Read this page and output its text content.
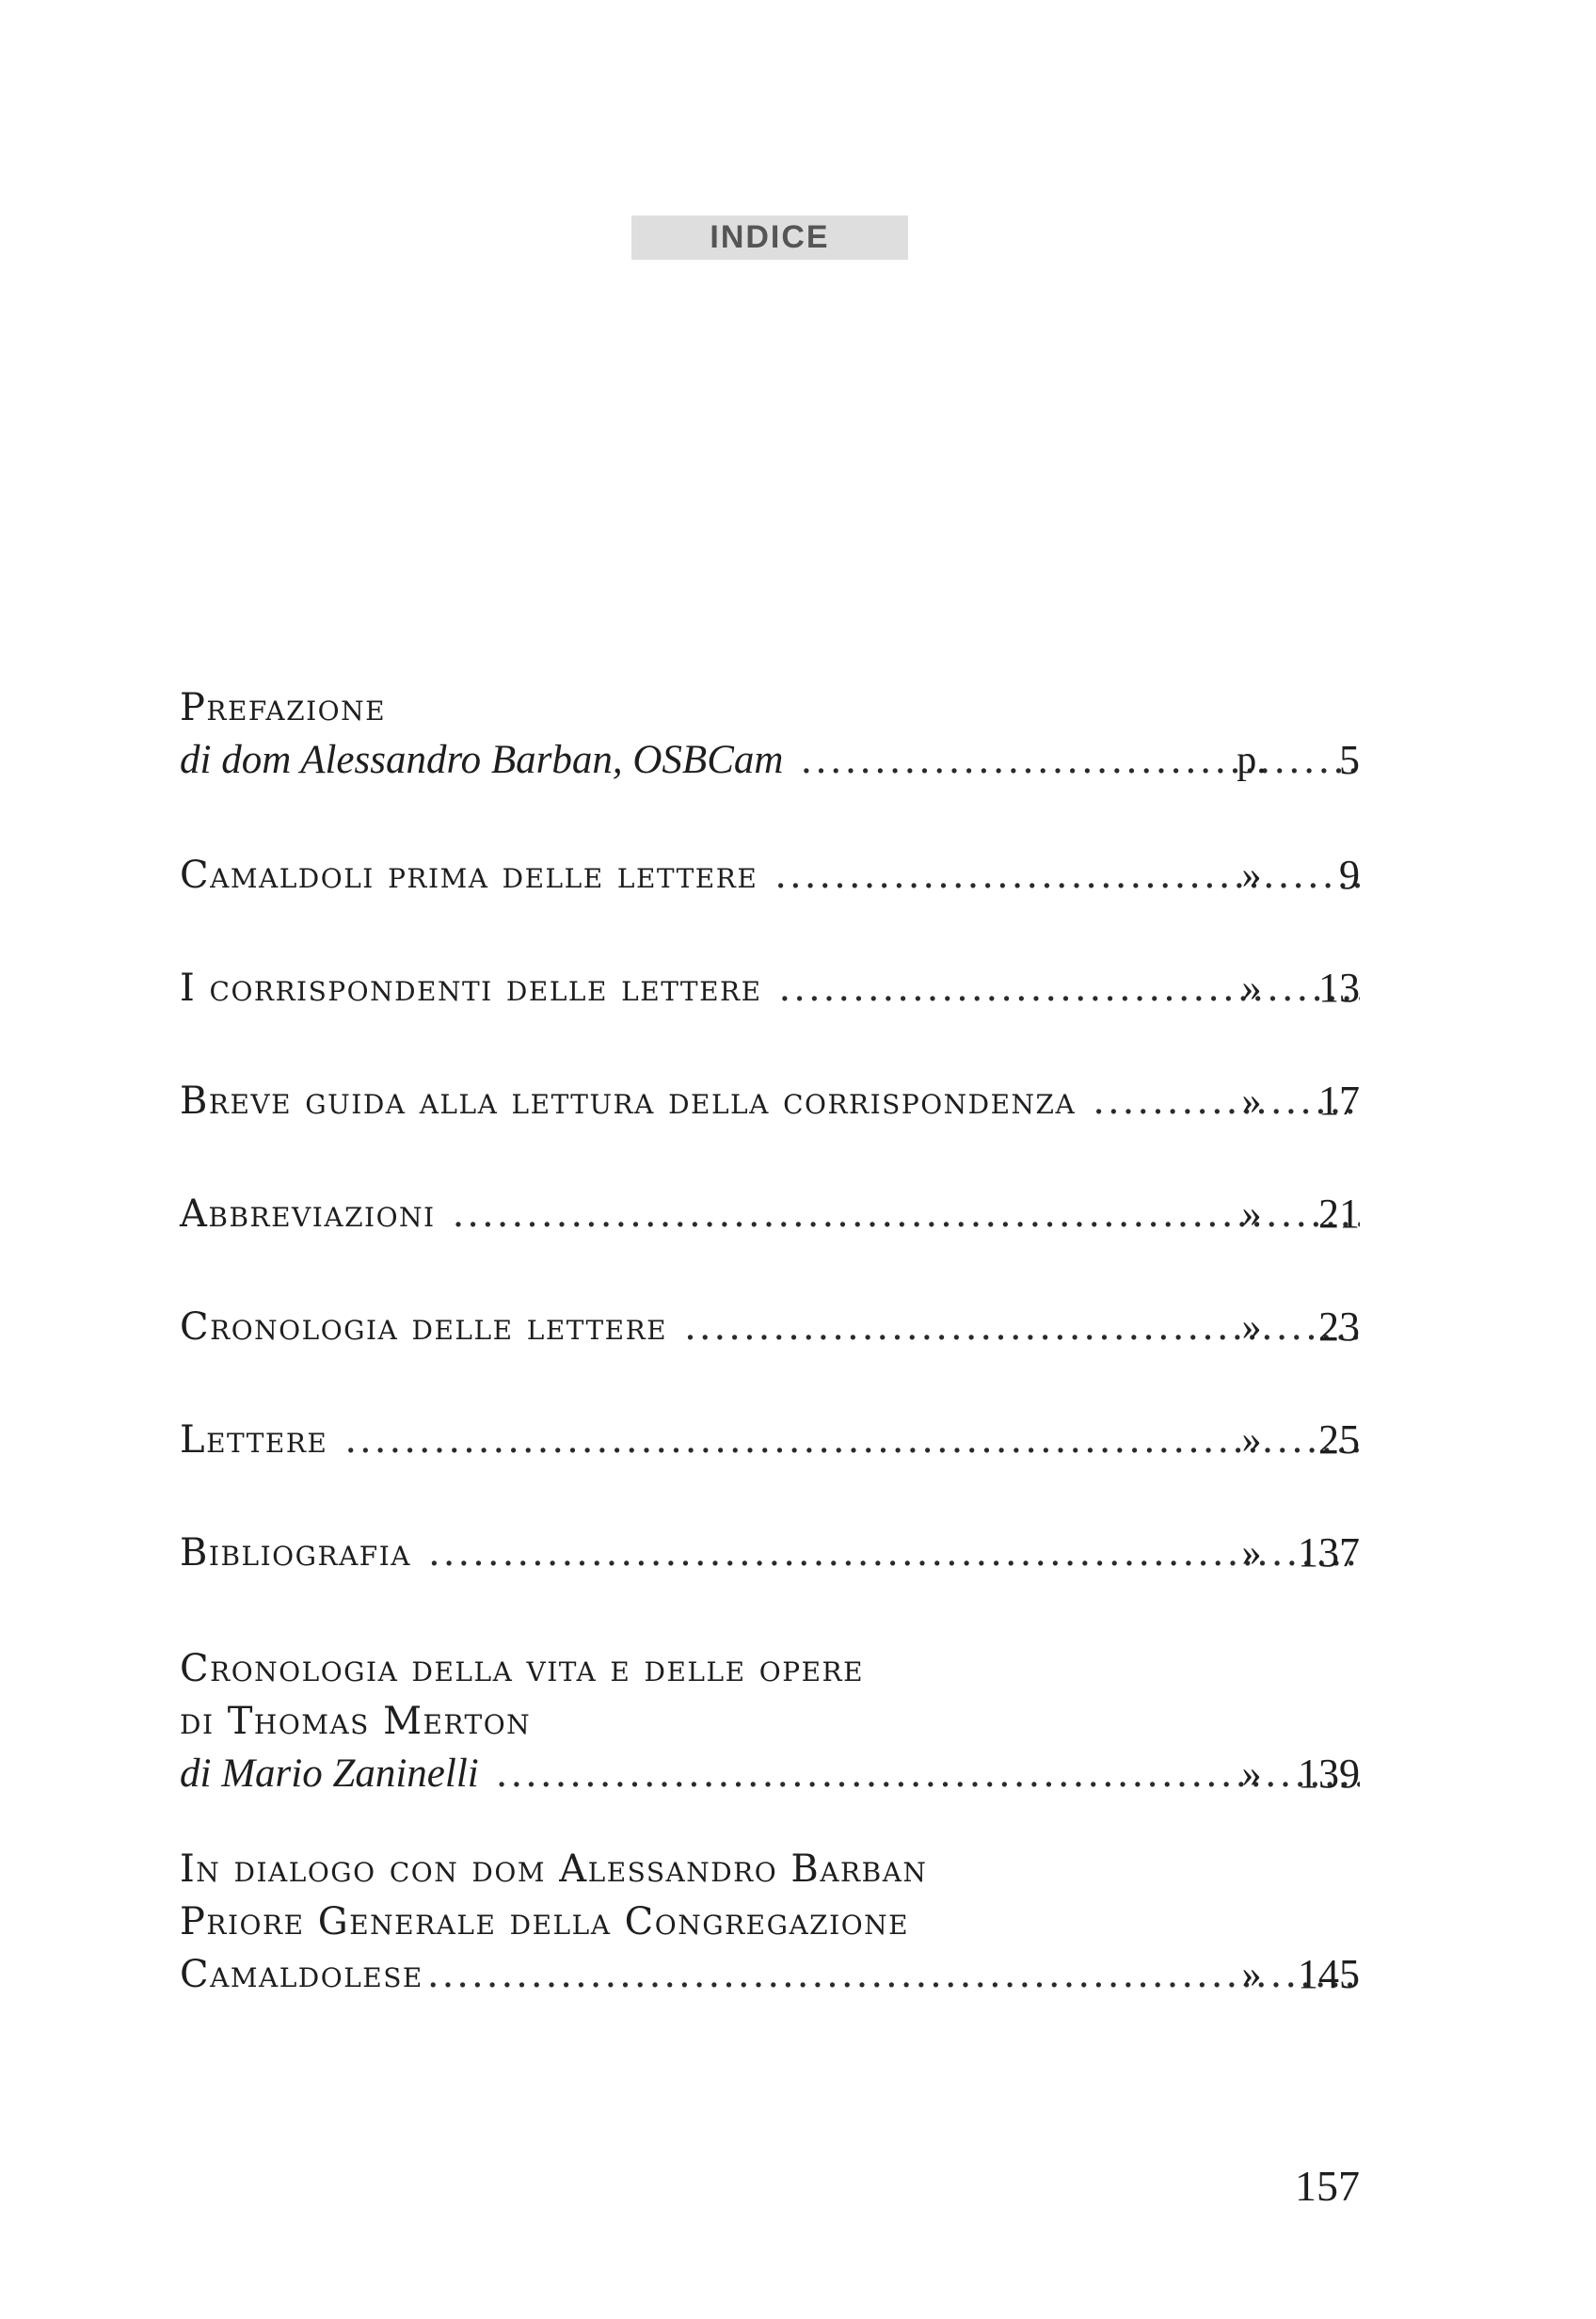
INDICE
Prefazione
di dom Alessandro Barban, OSBCam .....	p.	5
Camaldoli prima delle lettere .....	»	9
I corrispondenti delle lettere .....	»	13
Breve guida alla lettura della corrispondenza .....	»	17
Abbreviazioni .....	»	21
Cronologia delle lettere .....	»	23
Lettere .....	»	25
Bibliografia .....	» 137
Cronologia della vita e delle opere
di Thomas Merton
di Mario Zaninelli .....	» 139
In dialogo con dom Alessandro Barban
Priore Generale della Congregazione
Camaldolese .....	» 145
157
